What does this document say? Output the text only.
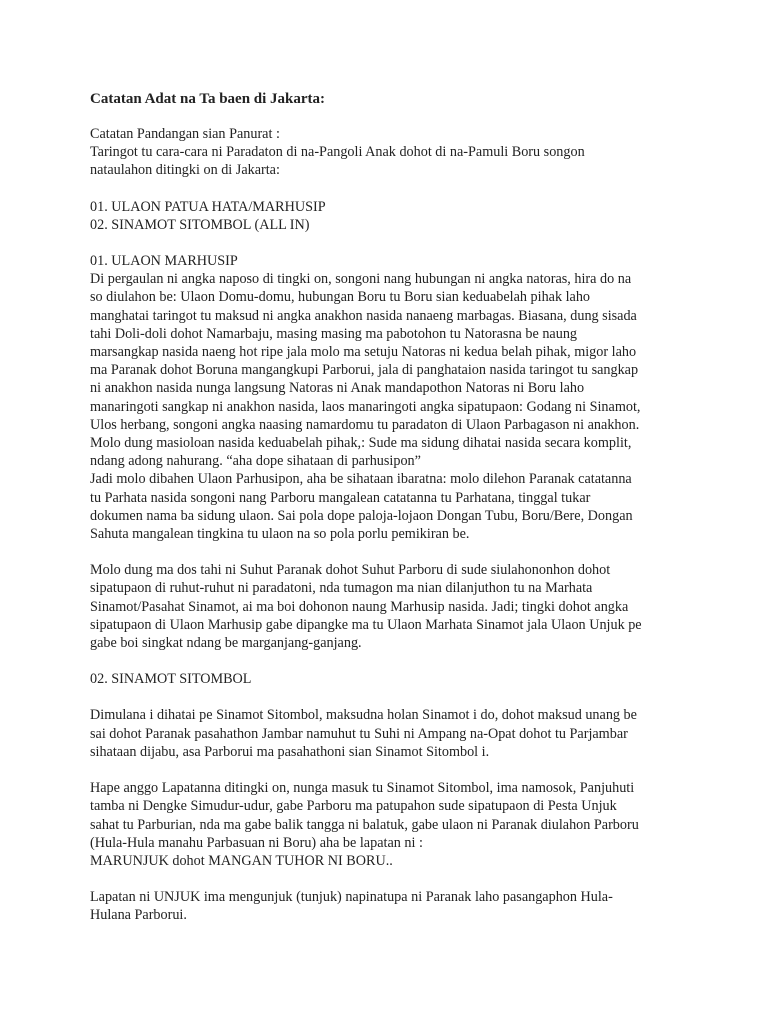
Catatan Adat na Ta baen di Jakarta:
Catatan Pandangan sian Panurat :
Taringot tu cara-cara ni Paradaton di na-Pangoli Anak dohot di na-Pamuli Boru songon
nataulahon ditingki on di Jakarta:
01. ULAON PATUA HATA/MARHUSIP
02. SINAMOT SITOMBOL (ALL IN)
01. ULAON MARHUSIP
Di pergaulan ni angka naposo di tingki on, songoni nang hubungan ni angka natoras, hira do na
so diulahon be: Ulaon Domu-domu, hubungan Boru tu Boru sian keduabelah pihak laho
manghatai taringot tu maksud ni angka anakhon nasida nanaeng marbagas. Biasana, dung sisada
tahi Doli-doli dohot Namarbaju, masing masing ma pabotohon tu Natorasna be naung
marsangkap nasida naeng hot ripe jala molo ma setuju Natoras ni kedua belah pihak, migor laho
ma Paranak dohot Boruna mangangkupi Parborui, jala di panghataion nasida taringot tu sangkap
ni anakhon nasida nunga langsung Natoras ni Anak mandapothon Natoras ni Boru laho
manaringoti sangkap ni anakhon nasida, laos manaringoti angka sipatupaon: Godang ni Sinamot,
Ulos herbang, songoni angka naasing namardomu tu paradaton di Ulaon Parbagason ni anakhon.
Molo dung masioloan nasida keduabelah pihak,: Sude ma sidung dihatai nasida secara komplit,
ndang adong nahurang. “aha dope sihataan di parhusipon”
Jadi molo dibahen Ulaon Parhusipon, aha be sihataan ibaratna: molo dilehon Paranak catatanna
tu Parhata nasida songoni nang Parboru mangalean catatanna tu Parhatana, tinggal tukar
dokumen nama ba sidung ulaon. Sai pola dope paloja-lojaon Dongan Tubu, Boru/Bere, Dongan
Sahuta mangalean tingkina tu ulaon na so pola porlu pemikiran be.
Molo dung ma dos tahi ni Suhut Paranak dohot Suhut Parboru di sude siulahononhon dohot
sipatupaon di ruhut-ruhut ni paradatoni, nda tumagon ma nian dilanjuthon tu na Marhata
Sinamot/Pasahat Sinamot, ai ma boi dohonon naung Marhusip nasida. Jadi; tingki dohot angka
sipatupaon di Ulaon Marhusip gabe dipangke ma tu Ulaon Marhata Sinamot jala Ulaon Unjuk pe
gabe boi singkat ndang be marganjang-ganjang.
02. SINAMOT SITOMBOL
Dimulana i dihatai pe Sinamot Sitombol, maksudna holan Sinamot i do, dohot maksud unang be
sai dohot Paranak pasahathon Jambar namuhut tu Suhi ni Ampang na-Opat dohot tu Parjambar
sihataan dijabu, asa Parborui ma pasahathoni sian Sinamot Sitombol i.
Hape anggo Lapatanna ditingki on, nunga masuk tu Sinamot Sitombol, ima namosok, Panjuhuti
tamba ni Dengke Simudur-udur, gabe Parboru ma patupahon sude sipatupaon di Pesta Unjuk
sahat tu Parburian, nda ma gabe balik tangga ni balatuk, gabe ulaon ni Paranak diulahon Parboru
(Hula-Hula manahu Parbasuan ni Boru) aha be lapatan ni :
MARUNJUK dohot MANGAN TUHOR NI BORU..
Lapatan ni UNJUK ima mengunjuk (tunjuk) napinatupa ni Paranak laho pasangaphon Hula-
Hulana Parborui.
